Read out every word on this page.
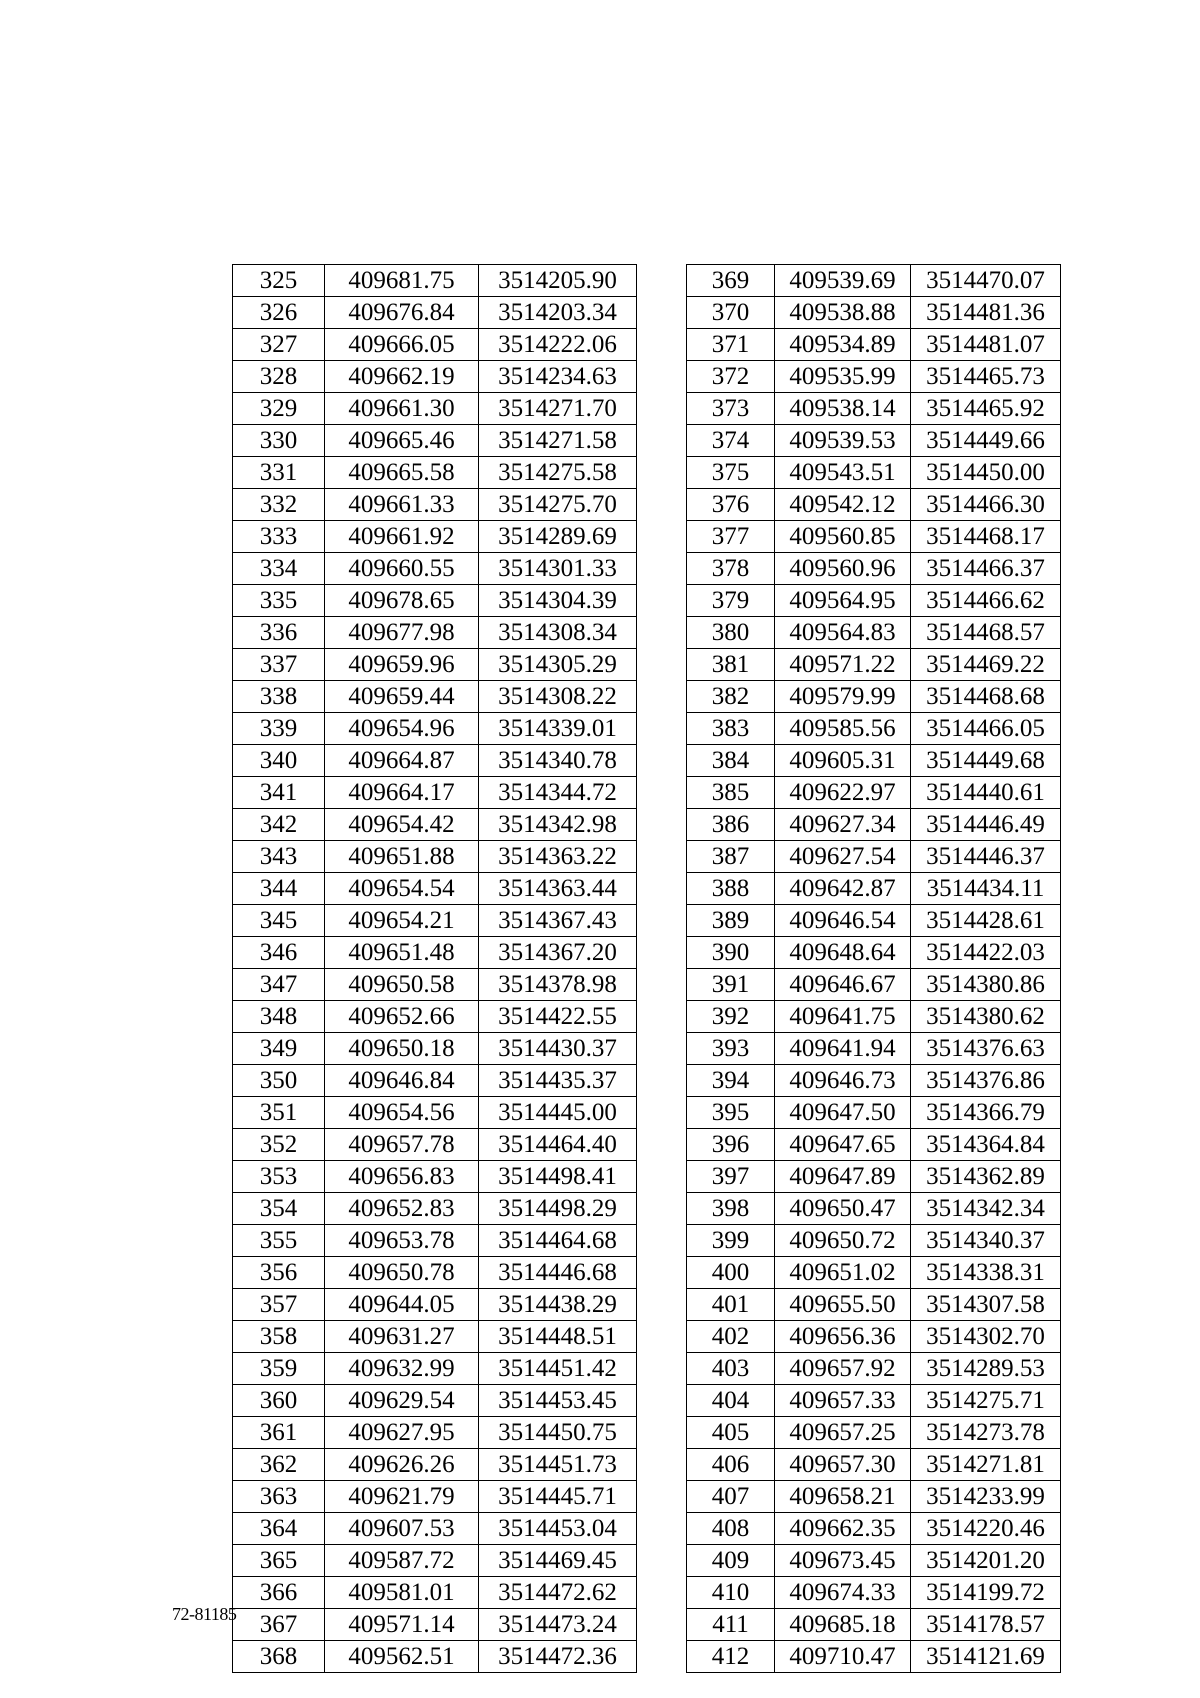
325	409681.75	3514205.90
326	409676.84	3514203.34
327	409666.05	3514222.06
328	409662.19	3514234.63
329	409661.30	3514271.70
330	409665.46	3514271.58
331	409665.58	3514275.58
332	409661.33	3514275.70
333	409661.92	3514289.69
334	409660.55	3514301.33
335	409678.65	3514304.39
336	409677.98	3514308.34
337	409659.96	3514305.29
338	409659.44	3514308.22
339	409654.96	3514339.01
340	409664.87	3514340.78
341	409664.17	3514344.72
342	409654.42	3514342.98
343	409651.88	3514363.22
344	409654.54	3514363.44
345	409654.21	3514367.43
346	409651.48	3514367.20
347	409650.58	3514378.98
348	409652.66	3514422.55
349	409650.18	3514430.37
350	409646.84	3514435.37
351	409654.56	3514445.00
352	409657.78	3514464.40
353	409656.83	3514498.41
354	409652.83	3514498.29
355	409653.78	3514464.68
356	409650.78	3514446.68
357	409644.05	3514438.29
358	409631.27	3514448.51
359	409632.99	3514451.42
360	409629.54	3514453.45
361	409627.95	3514450.75
362	409626.26	3514451.73
363	409621.79	3514445.71
364	409607.53	3514453.04
365	409587.72	3514469.45
366	409581.01	3514472.62
367	409571.14	3514473.24
368	409562.51	3514472.36
369	409539.69	3514470.07
370	409538.88	3514481.36
371	409534.89	3514481.07
372	409535.99	3514465.73
373	409538.14	3514465.92
374	409539.53	3514449.66
375	409543.51	3514450.00
376	409542.12	3514466.30
377	409560.85	3514468.17
378	409560.96	3514466.37
379	409564.95	3514466.62
380	409564.83	3514468.57
381	409571.22	3514469.22
382	409579.99	3514468.68
383	409585.56	3514466.05
384	409605.31	3514449.68
385	409622.97	3514440.61
386	409627.34	3514446.49
387	409627.54	3514446.37
388	409642.87	3514434.11
389	409646.54	3514428.61
390	409648.64	3514422.03
391	409646.67	3514380.86
392	409641.75	3514380.62
393	409641.94	3514376.63
394	409646.73	3514376.86
395	409647.50	3514366.79
396	409647.65	3514364.84
397	409647.89	3514362.89
398	409650.47	3514342.34
399	409650.72	3514340.37
400	409651.02	3514338.31
401	409655.50	3514307.58
402	409656.36	3514302.70
403	409657.92	3514289.53
404	409657.33	3514275.71
405	409657.25	3514273.78
406	409657.30	3514271.81
407	409658.21	3514233.99
408	409662.35	3514220.46
409	409673.45	3514201.20
410	409674.33	3514199.72
411	409685.18	3514178.57
412	409710.47	3514121.69
72-81185
